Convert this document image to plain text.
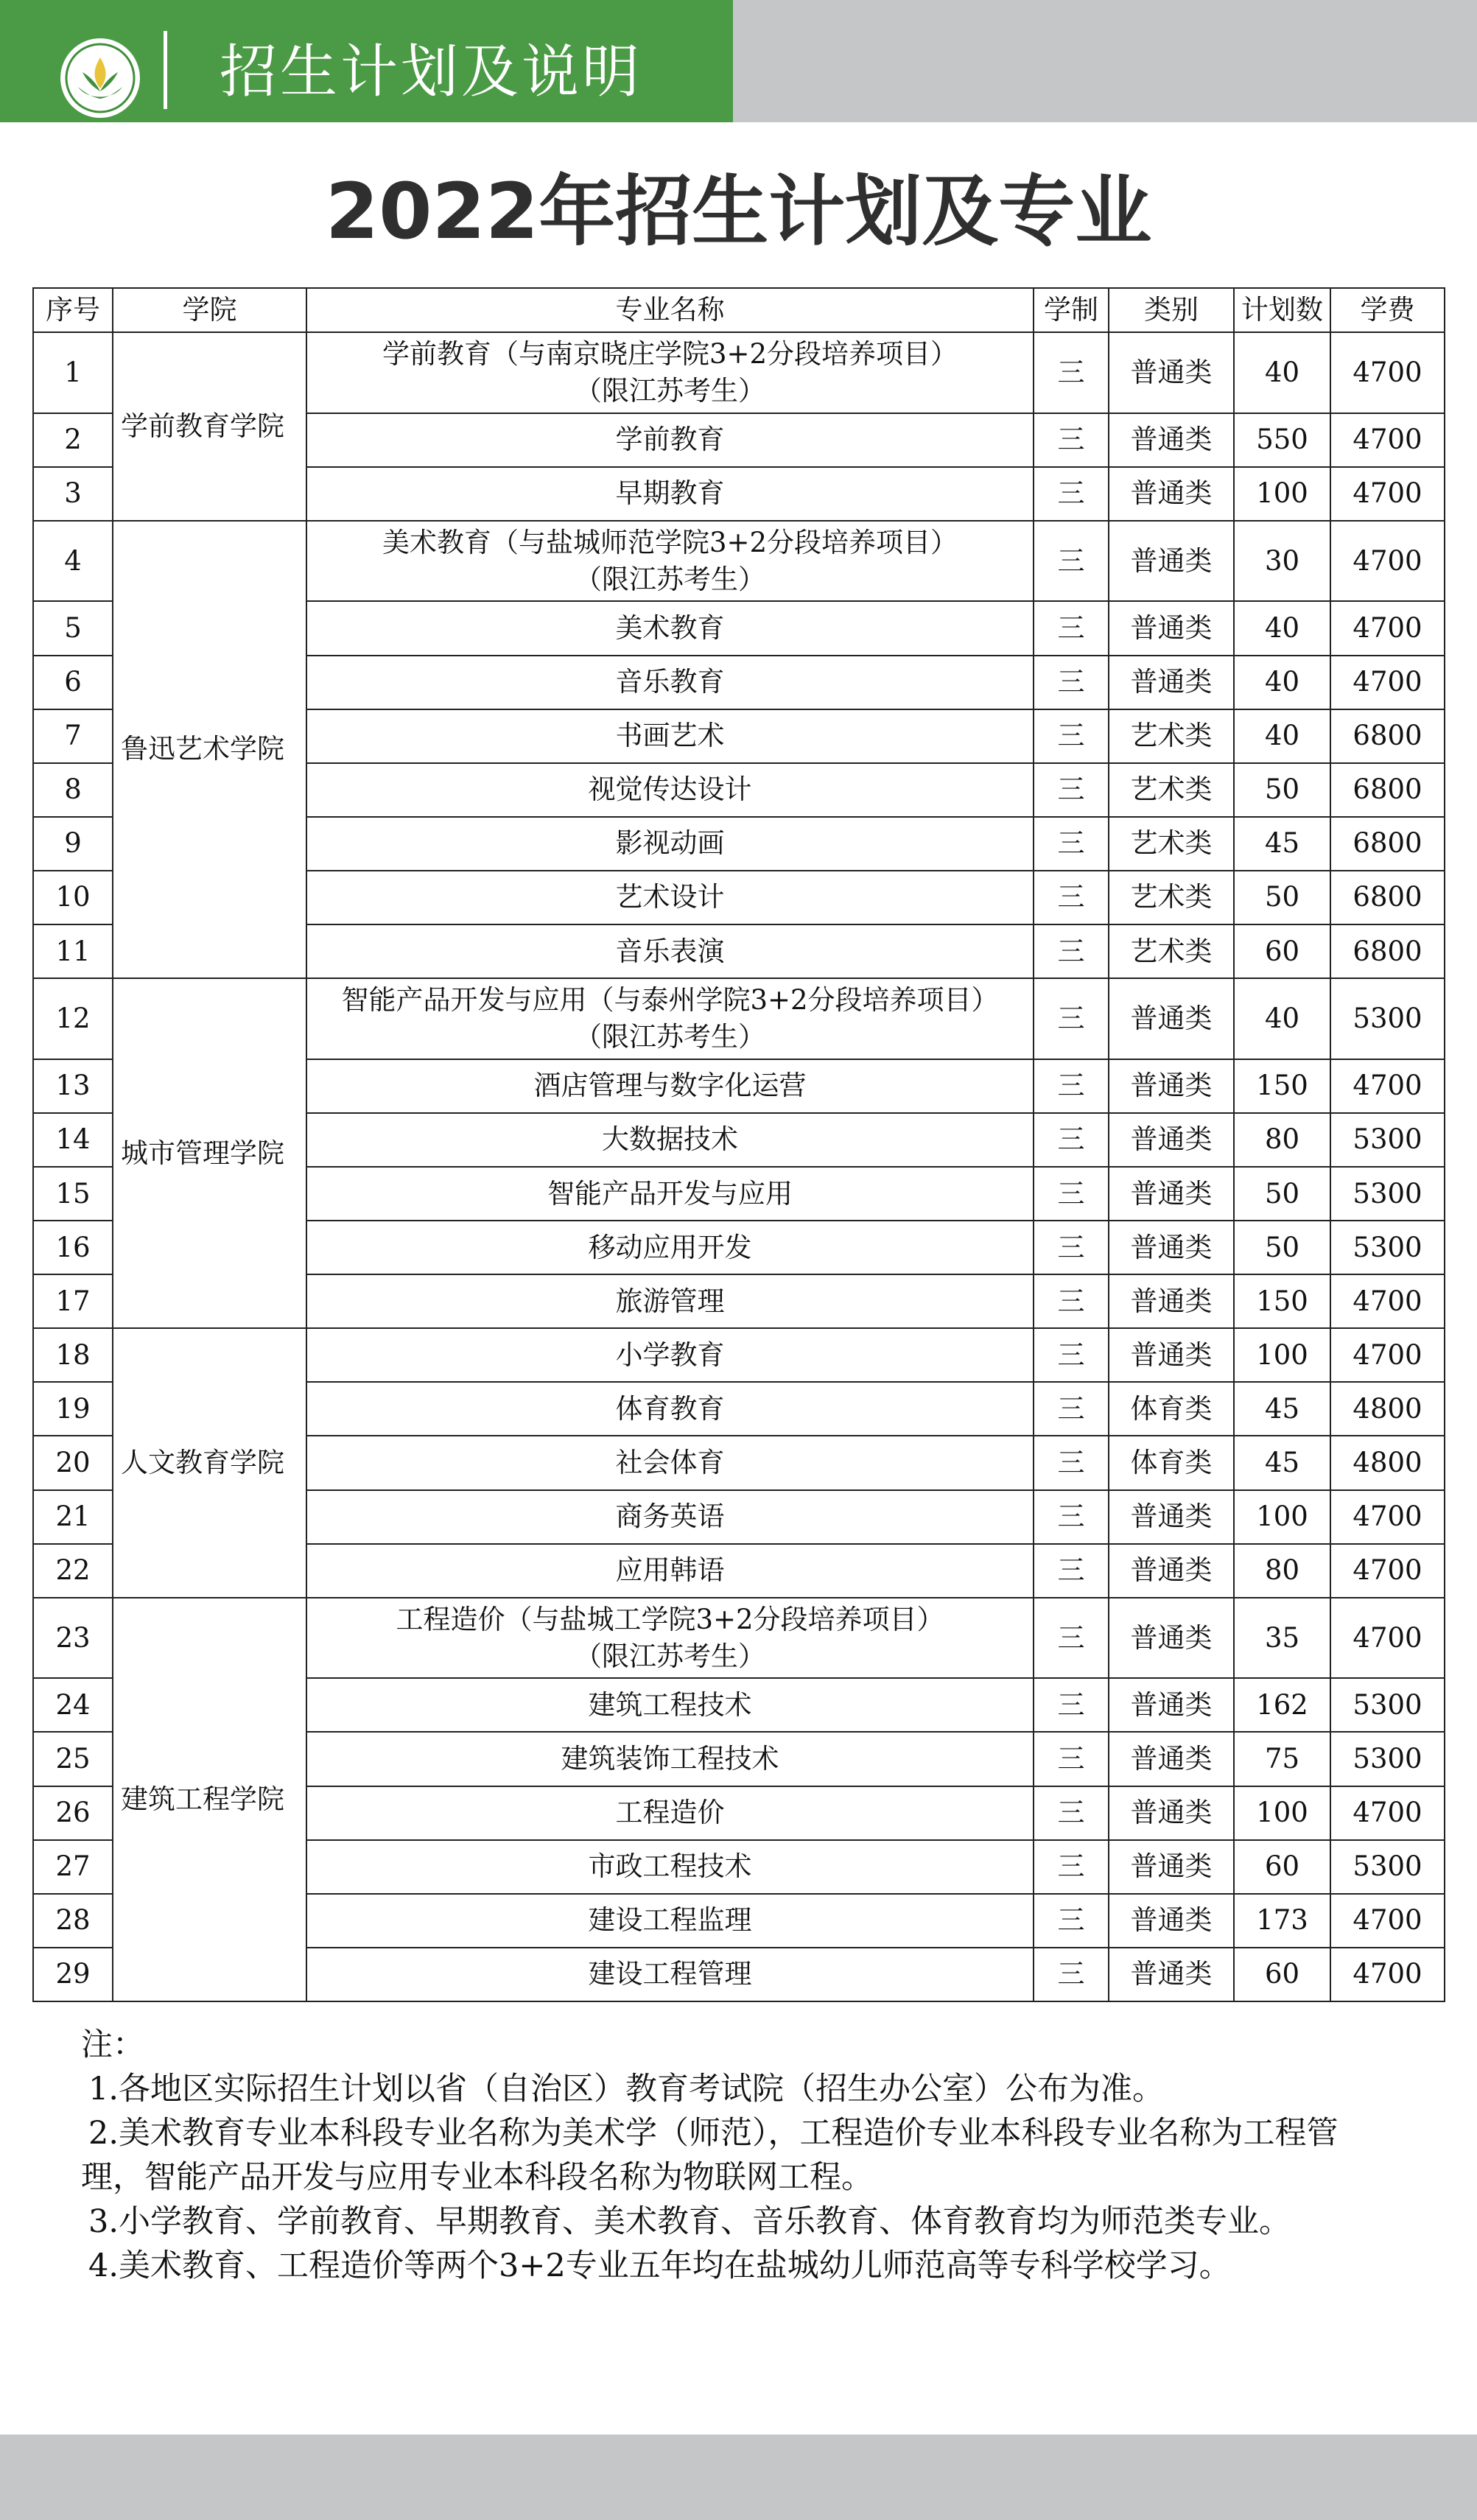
招生计划及说明
2022年招生计划及专业
序号	学院	专业名称	学制	类别	计划数	学费
1	学前教育学院	学前教育（与南京晓庄学院3+2分段培养项目）
（限江苏考生）	三	普通类	40	4700
2		学前教育	三	普通类	550	4700
3		早期教育	三	普通类	100	4700
4	鲁迅艺术学院	美术教育（与盐城师范学院3+2分段培养项目）
（限江苏考生）	三	普通类	30	4700
5		美术教育	三	普通类	40	4700
6		音乐教育	三	普通类	40	4700
7		书画艺术	三	艺术类	40	6800
8		视觉传达设计	三	艺术类	50	6800
9		影视动画	三	艺术类	45	6800
10		艺术设计	三	艺术类	50	6800
11		音乐表演	三	艺术类	60	6800
12	城市管理学院	智能产品开发与应用（与泰州学院3+2分段培养项目）
（限江苏考生）	三	普通类	40	5300
13		酒店管理与数字化运营	三	普通类	150	4700
14		大数据技术	三	普通类	80	5300
15		智能产品开发与应用	三	普通类	50	5300
16		移动应用开发	三	普通类	50	5300
17		旅游管理	三	普通类	150	4700
18	人文教育学院	小学教育	三	普通类	100	4700
19		体育教育	三	体育类	45	4800
20		社会体育	三	体育类	45	4800
21		商务英语	三	普通类	100	4700
22		应用韩语	三	普通类	80	4700
23	建筑工程学院	工程造价（与盐城工学院3+2分段培养项目）
（限江苏考生）	三	普通类	35	4700
24		建筑工程技术	三	普通类	162	5300
25		建筑装饰工程技术	三	普通类	75	5300
26		工程造价	三	普通类	100	4700
27		市政工程技术	三	普通类	60	5300
28		建设工程监理	三	普通类	173	4700
29		建设工程管理	三	普通类	60	4700

注：

1.各地区实际招生计划以省（自治区）教育考试院（招生办公室）公布为准。

2.美术教育专业本科段专业名称为美术学（师范），工程造价专业本科段专业名称为工程管理，智能产品开发与应用专业本科段名称为物联网工程。

3.小学教育、学前教育、早期教育、美术教育、音乐教育、体育教育均为师范类专业。

4.美术教育、工程造价等两个3+2专业五年均在盐城幼儿师范高等专科学校学习。
